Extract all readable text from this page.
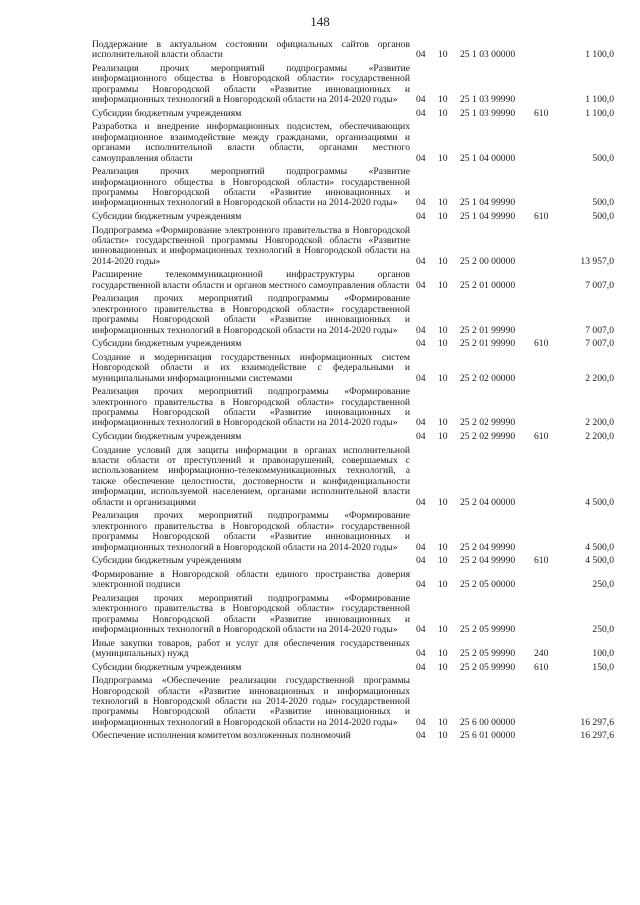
148
Поддержание в актуальном состоянии официальных сайтов органов исполнительной власти области	04	10	25 1 03 00000		1 100,0
Реализация прочих мероприятий подпрограммы «Развитие информационного общества в Новгородской области» государственной программы Новгородской области «Развитие инновационных и информационных технологий в Новгородской области на 2014-2020 годы»	04	10	25 1 03 99990		1 100,0
Субсидии бюджетным учреждениям	04	10	25 1 03 99990	610	1 100,0
Разработка и внедрение информационных подсистем, обеспечивающих информационное взаимодействие между гражданами, организациями и органами исполнительной власти области, органами местного самоуправления области	04	10	25 1 04 00000		500,0
Реализация прочих мероприятий подпрограммы «Развитие информационного общества в Новгородской области» государственной программы Новгородской области «Развитие инновационных и информационных технологий в Новгородской области на 2014-2020 годы»	04	10	25 1 04 99990		500,0
Субсидии бюджетным учреждениям	04	10	25 1 04 99990	610	500,0
Подпрограмма «Формирование электронного правительства в Новгородской области» государственной программы Новгородской области «Развитие инновационных и информационных технологий в Новгородской области на 2014-2020 годы»	04	10	25 2 00 00000		13 957,0
Расширение телекоммуникационной инфраструктуры органов государственной власти области и органов местного самоуправления области	04	10	25 2 01 00000		7 007,0
Реализация прочих мероприятий подпрограммы «Формирование электронного правительства в Новгородской области» государственной программы Новгородской области «Развитие инновационных и информационных технологий в Новгородской области на 2014-2020 годы»	04	10	25 2 01 99990		7 007,0
Субсидии бюджетным учреждениям	04	10	25 2 01 99990	610	7 007,0
Создание и модернизация государственных информационных систем Новгородской области и их взаимодействие с федеральными и муниципальными информационными системами	04	10	25 2 02 00000		2 200,0
Реализация прочих мероприятий подпрограммы «Формирование электронного правительства в Новгородской области» государственной программы Новгородской области «Развитие инновационных и информационных технологий в Новгородской области на 2014-2020 годы»	04	10	25 2 02 99990		2 200,0
Субсидии бюджетным учреждениям	04	10	25 2 02 99990	610	2 200,0
Создание условий для защиты информации в органах исполнительной власти области от преступлений и правонарушений, совершаемых с использованием информационно-телекоммуникационных технологий, а также обеспечение целостности, достоверности и конфиденциальности информации, используемой населением, органами исполнительной власти области и организациями	04	10	25 2 04 00000		4 500,0
Реализация прочих мероприятий подпрограммы «Формирование электронного правительства в Новгородской области» государственной программы Новгородской области «Развитие инновационных и информационных технологий в Новгородской области на 2014-2020 годы»	04	10	25 2 04 99990		4 500,0
Субсидии бюджетным учреждениям	04	10	25 2 04 99990	610	4 500,0
Формирование в Новгородской области единого пространства доверия электронной подписи	04	10	25 2 05 00000		250,0
Реализация прочих мероприятий подпрограммы «Формирование электронного правительства в Новгородской области» государственной программы Новгородской области «Развитие инновационных и информационных технологий в Новгородской области на 2014-2020 годы»	04	10	25 2 05 99990		250,0
Иные закупки товаров, работ и услуг для обеспечения государственных (муниципальных) нужд	04	10	25 2 05 99990	240	100,0
Субсидии бюджетным учреждениям	04	10	25 2 05 99990	610	150,0
Подпрограмма «Обеспечение реализации государственной программы Новгородской области «Развитие инновационных и информационных технологий в Новгородской области на 2014-2020 годы» государственной программы Новгородской области «Развитие инновационных и информационных технологий в Новгородской области на 2014-2020 годы»	04	10	25 6 00 00000		16 297,6
Обеспечение исполнения комитетом возложенных полномочий	04	10	25 6 01 00000		16 297,6
